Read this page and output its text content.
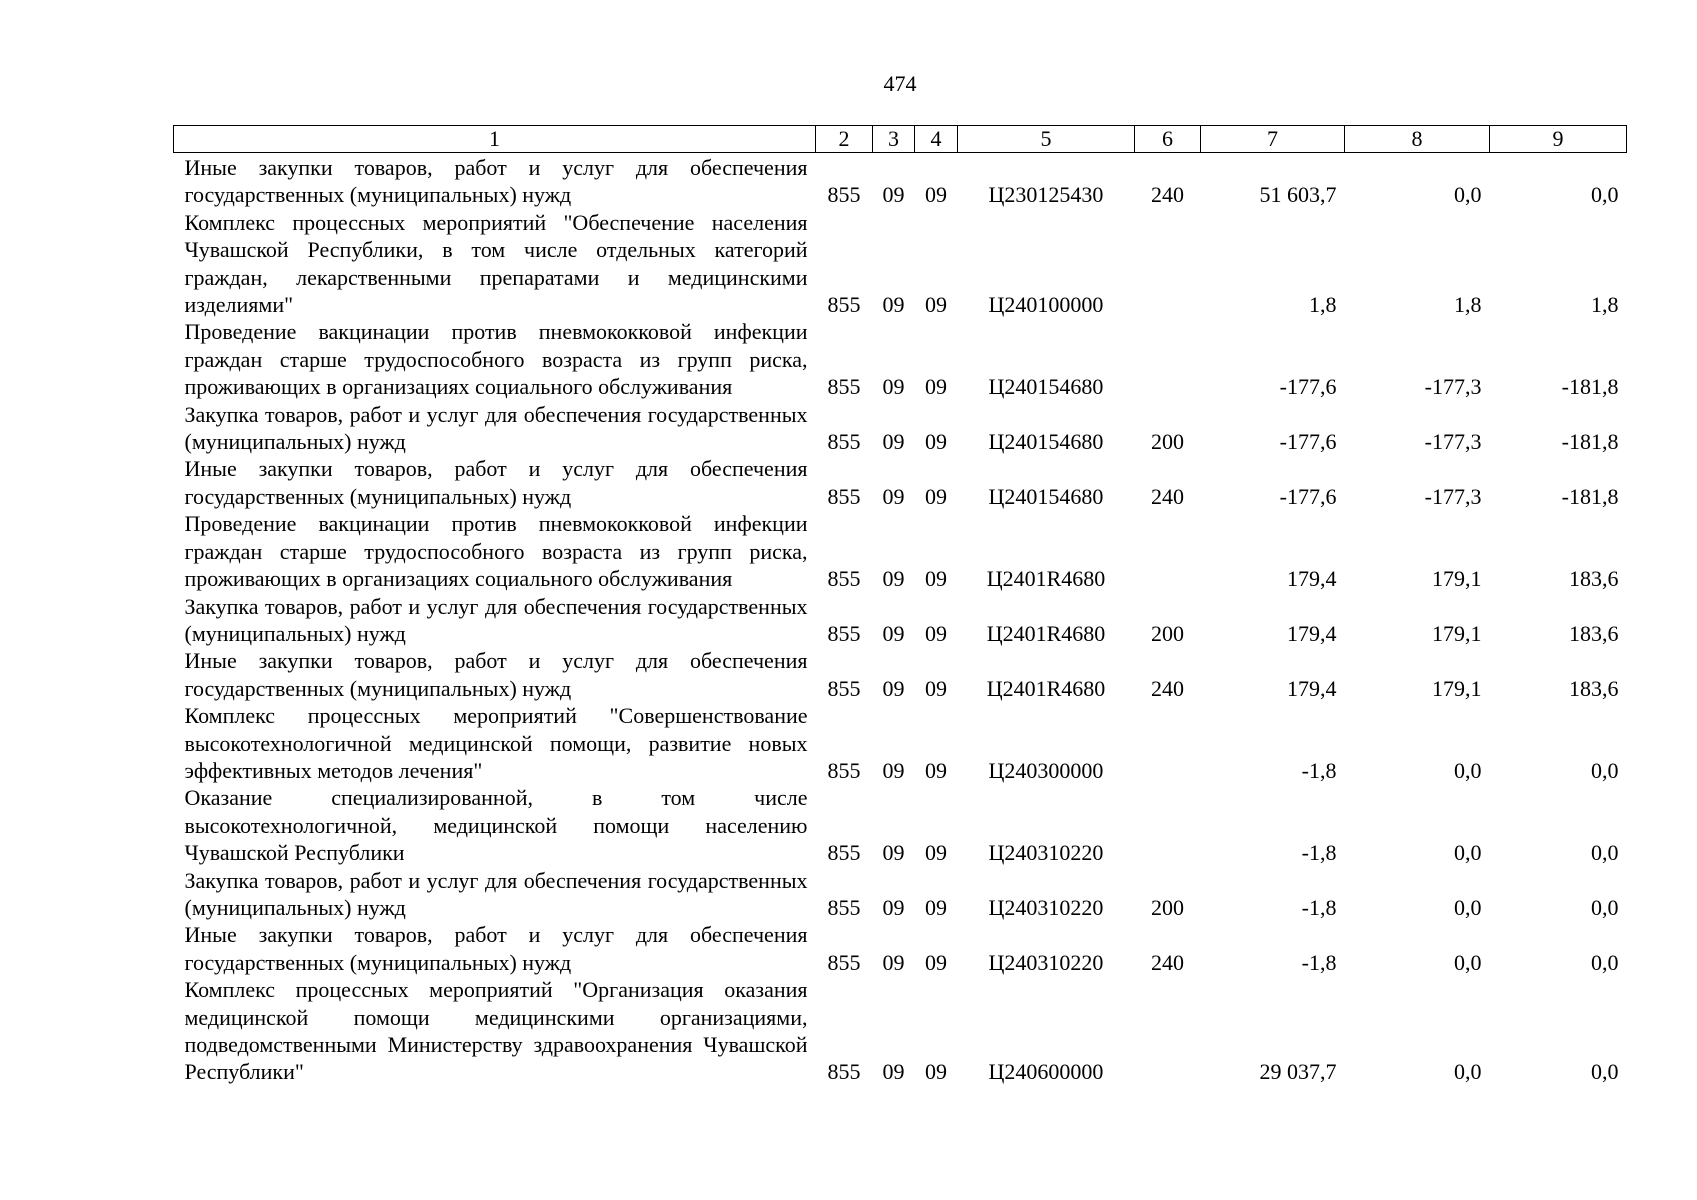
474
1	2	3	4	5	6	7	8	9
Иные закупки товаров, работ и услуг для обеспечения государственных (муниципальных) нужд	855	09	09	Ц230125430	240	51 603,7	0,0	0,0
Комплекс процессных мероприятий "Обеспечение населения Чувашской Республики, в том числе отдельных категорий граждан, лекарственными препаратами и медицинскими изделиями"	855	09	09	Ц240100000		1,8	1,8	1,8
Проведение вакцинации против пневмококковой инфекции граждан старше трудоспособного возраста из групп риска, проживающих в организациях социального обслуживания	855	09	09	Ц240154680		-177,6	-177,3	-181,8
Закупка товаров, работ и услуг для обеспечения государственных (муниципальных) нужд	855	09	09	Ц240154680	200	-177,6	-177,3	-181,8
Иные закупки товаров, работ и услуг для обеспечения государственных (муниципальных) нужд	855	09	09	Ц240154680	240	-177,6	-177,3	-181,8
Проведение вакцинации против пневмококковой инфекции граждан старше трудоспособного возраста из групп риска, проживающих в организациях социального обслуживания	855	09	09	Ц2401R4680		179,4	179,1	183,6
Закупка товаров, работ и услуг для обеспечения государственных (муниципальных) нужд	855	09	09	Ц2401R4680	200	179,4	179,1	183,6
Иные закупки товаров, работ и услуг для обеспечения государственных (муниципальных) нужд	855	09	09	Ц2401R4680	240	179,4	179,1	183,6
Комплекс процессных мероприятий "Совершенствование высокотехнологичной медицинской помощи, развитие новых эффективных методов лечения"	855	09	09	Ц240300000		-1,8	0,0	0,0
Оказание специализированной, в том числе высокотехнологичной, медицинской помощи населению Чувашской Республики	855	09	09	Ц240310220		-1,8	0,0	0,0
Закупка товаров, работ и услуг для обеспечения государственных (муниципальных) нужд	855	09	09	Ц240310220	200	-1,8	0,0	0,0
Иные закупки товаров, работ и услуг для обеспечения государственных (муниципальных) нужд	855	09	09	Ц240310220	240	-1,8	0,0	0,0
Комплекс процессных мероприятий "Организация оказания медицинской помощи медицинскими организациями, подведомственными Министерству здравоохранения Чувашской Республики"	855	09	09	Ц240600000		29 037,7	0,0	0,0
